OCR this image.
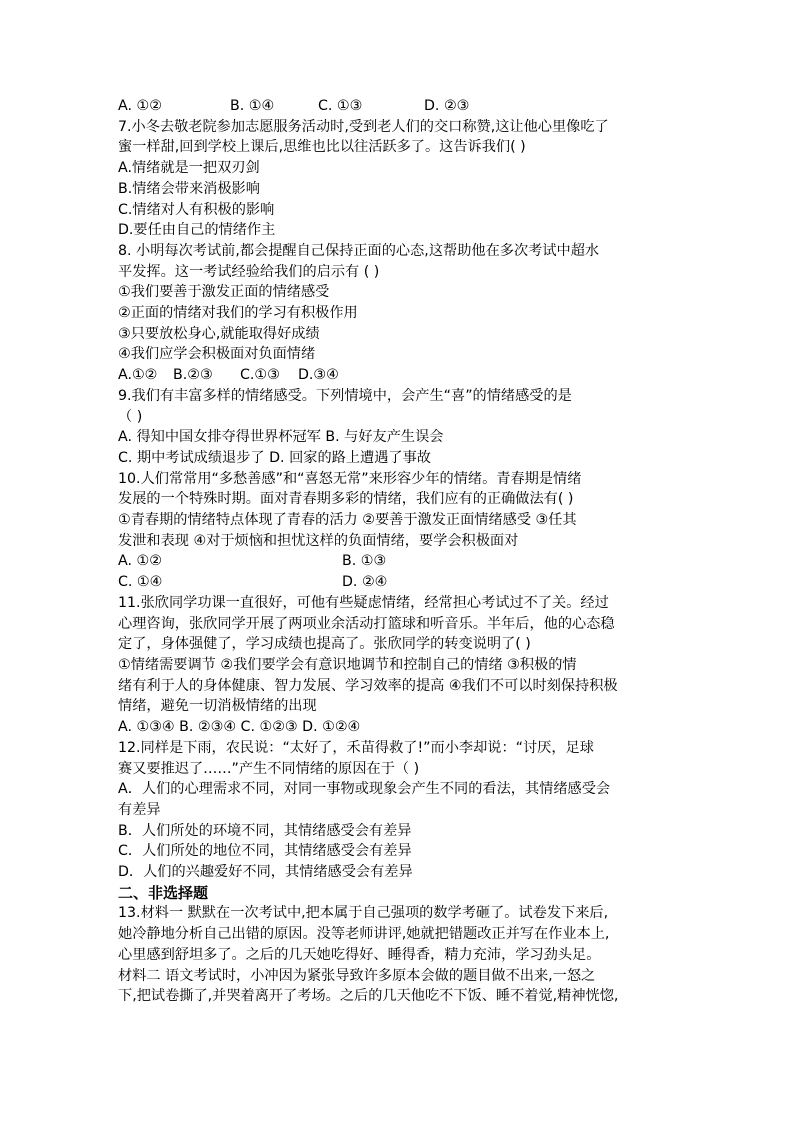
A. ①②	B. ①④	C. ①③	D. ②③
7.小冬去敬老院参加志愿服务活动时,受到老人们的交口称赞,这让他心里像吃了
蜜一样甜,回到学校上课后,思维也比以往活跃多了。这告诉我们( )
A.情绪就是一把双刃剑
B.情绪会带来消极影响
C.情绪对人有积极的影响
D.要任由自己的情绪作主
8. 小明每次考试前,都会提醒自己保持正面的心态,这帮助他在多次考试中超水
平发挥。这一考试经验给我们的启示有 ( )
①我们要善于激发正面的情绪感受
②正面的情绪对我们的学习有积极作用
③只要放松身心,就能取得好成绩
④我们应学会积极面对负面情绪
A.①②	B.②③	C.①③	D.③④
9.我们有丰富多样的情绪感受。下列情境中，会产生“喜”的情绪感受的是
（ )
A. 得知中国女排夺得世界杯冠军 B. 与好友产生误会
C. 期中考试成绩退步了 D. 回家的路上遭遇了事故
10.人们常常用“多愁善感”和“喜怒无常”来形容少年的情绪。青春期是情绪
发展的一个特殊时期。面对青春期多彩的情绪，我们应有的正确做法有( )
①青春期的情绪特点体现了青春的活力 ②要善于激发正面情绪感受 ③任其
发泄和表现 ④对于烦恼和担忧这样的负面情绪，要学会积极面对
A. ①②	B. ①③
C. ①④	D. ②④
11.张欣同学功课一直很好，可他有些疑虑情绪，经常担心考试过不了关。经过
心理咨询，张欣同学开展了两项业余活动打篮球和听音乐。半年后，他的心态稳
定了，身体强健了，学习成绩也提高了。张欣同学的转变说明了( )
①情绪需要调节 ②我们要学会有意识地调节和控制自己的情绪 ③积极的情
绪有利于人的身体健康、智力发展、学习效率的提高 ④我们不可以时刻保持积极
情绪，避免一切消极情绪的出现
A. ①③④ B. ②③④ C. ①②③ D. ①②④
12.同样是下雨，农民说：“太好了，禾苗得救了!”而小李却说：“讨厌，足球
赛又要推迟了……”产生不同情绪的原因在于（ )
A．人们的心理需求不同，对同一事物或现象会产生不同的看法，其情绪感受会
有差异
B．人们所处的环境不同，其情绪感受会有差异
C．人们所处的地位不同，其情绪感受会有差异
D．人们的兴趣爱好不同，其情绪感受会有差异
二、非选择题
13.材料一 默默在一次考试中,把本属于自己强项的数学考砸了。试卷发下来后,
她冷静地分析自己出错的原因。没等老师讲评,她就把错题改正并写在作业本上,
心里感到舒坦多了。之后的几天她吃得好、睡得香，精力充沛，学习劲头足。
材料二 语文考试时，小冲因为紧张导致许多原本会做的题目做不出来,一怒之
下,把试卷撕了,并哭着离开了考场。之后的几天他吃不下饭、睡不着觉,精神恍惚,
